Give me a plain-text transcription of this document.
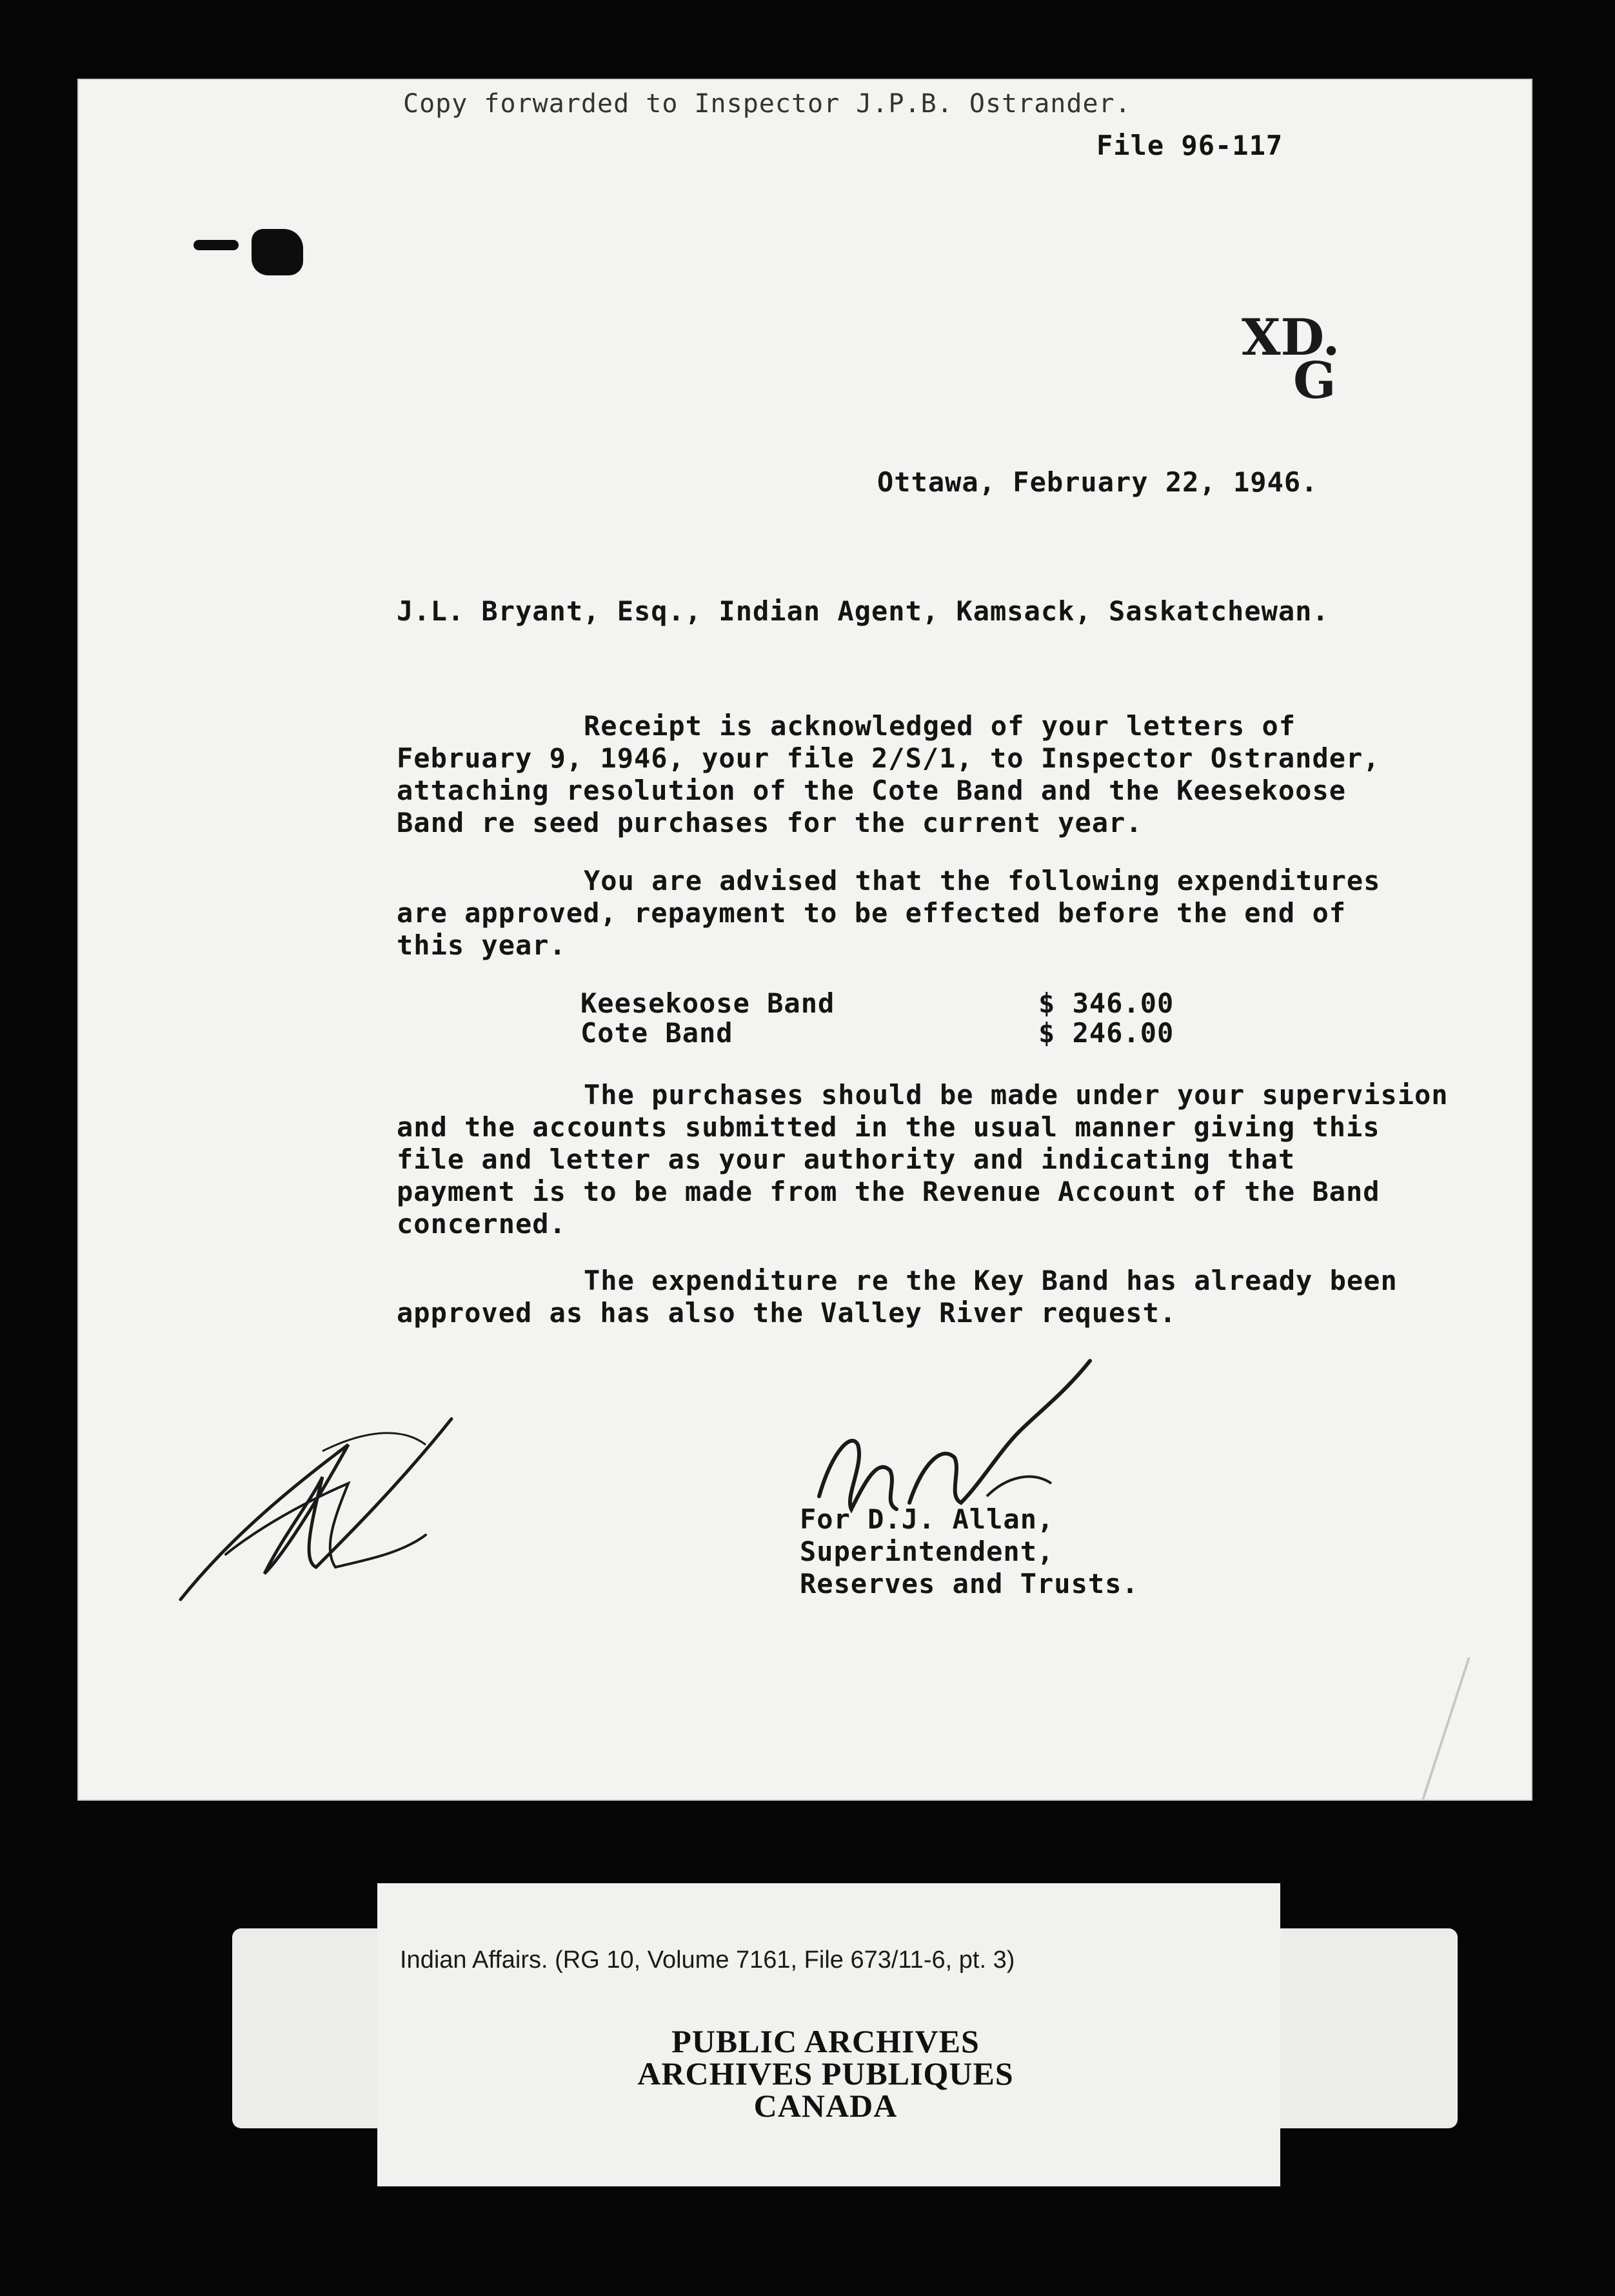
Copy forwarded to Inspector J.P.B. Ostrander.
File 96-117
XD.
G
Ottawa, February 22, 1946.
J.L. Bryant, Esq., Indian Agent, Kamsack, Saskatchewan.
Receipt is acknowledged of your letters of
February 9, 1946, your file 2/S/1, to Inspector Ostrander,
attaching resolution of the Cote Band and the Keesekoose
Band re seed purchases for the current year.
You are advised that the following expenditures
are approved, repayment to be effected before the end of
this year.
Keesekoose Band	$ 346.00
Cote Band	$ 246.00
The purchases should be made under your supervision
and the accounts submitted in the usual manner giving this
file and letter as your authority and indicating that
payment is to be made from the Revenue Account of the Band
concerned.
The expenditure re the Key Band has already been
approved as has also the Valley River request.
For D.J. Allan,
Superintendent,
Reserves and Trusts.
Indian Affairs. (RG 10, Volume 7161, File 673/11-6, pt. 3)
PUBLIC ARCHIVES
ARCHIVES PUBLIQUES
CANADA
